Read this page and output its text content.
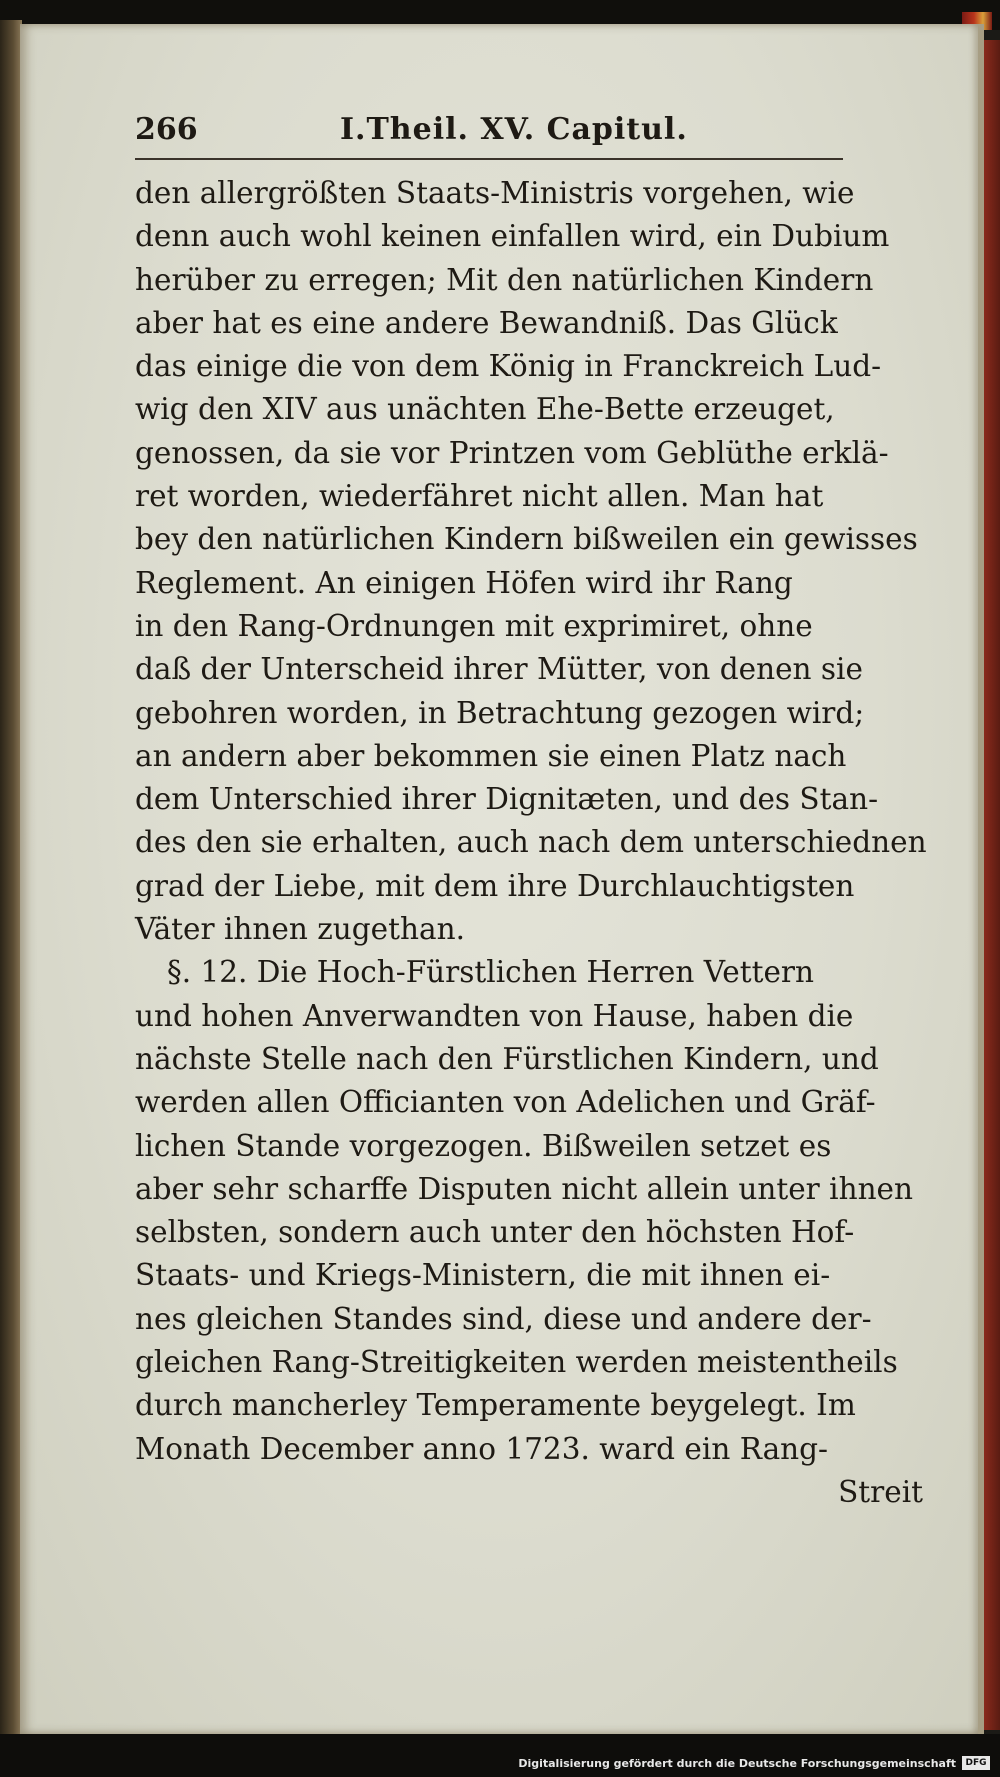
266	I.Theil. XV. Capitul.
den allergrößten Staats-Ministris vorgehen, wie
denn auch wohl keinen einfallen wird, ein Dubium
herüber zu erregen; Mit den natürlichen Kindern
aber hat es eine andere Bewandniß. Das Glück
das einige die von dem König in Franckreich Lud-
wig den XIV aus unächten Ehe-Bette erzeuget,
genossen, da sie vor Printzen vom Geblüthe erklä-
ret worden, wiederfähret nicht allen. Man hat
bey den natürlichen Kindern bißweilen ein gewisses
Reglement. An einigen Höfen wird ihr Rang
in den Rang-Ordnungen mit exprimiret, ohne
daß der Unterscheid ihrer Mütter, von denen sie
gebohren worden, in Betrachtung gezogen wird;
an andern aber bekommen sie einen Platz nach
dem Unterschied ihrer Dignitæten, und des Stan-
des den sie erhalten, auch nach dem unterschiednen
grad der Liebe, mit dem ihre Durchlauchtigsten
Väter ihnen zugethan.
§. 12. Die Hoch-Fürstlichen Herren Vettern
und hohen Anverwandten von Hause, haben die
nächste Stelle nach den Fürstlichen Kindern, und
werden allen Officianten von Adelichen und Gräf-
lichen Stande vorgezogen. Bißweilen setzet es
aber sehr scharffe Disputen nicht allein unter ihnen
selbsten, sondern auch unter den höchsten Hof-
Staats- und Kriegs-Ministern, die mit ihnen ei-
nes gleichen Standes sind, diese und andere der-
gleichen Rang-Streitigkeiten werden meistentheils
durch mancherley Temperamente beygelegt. Im
Monath December anno 1723. ward ein Rang-
Streit
Digitalisierung gefördert durch die Deutsche Forschungsgemeinschaft	DFG
